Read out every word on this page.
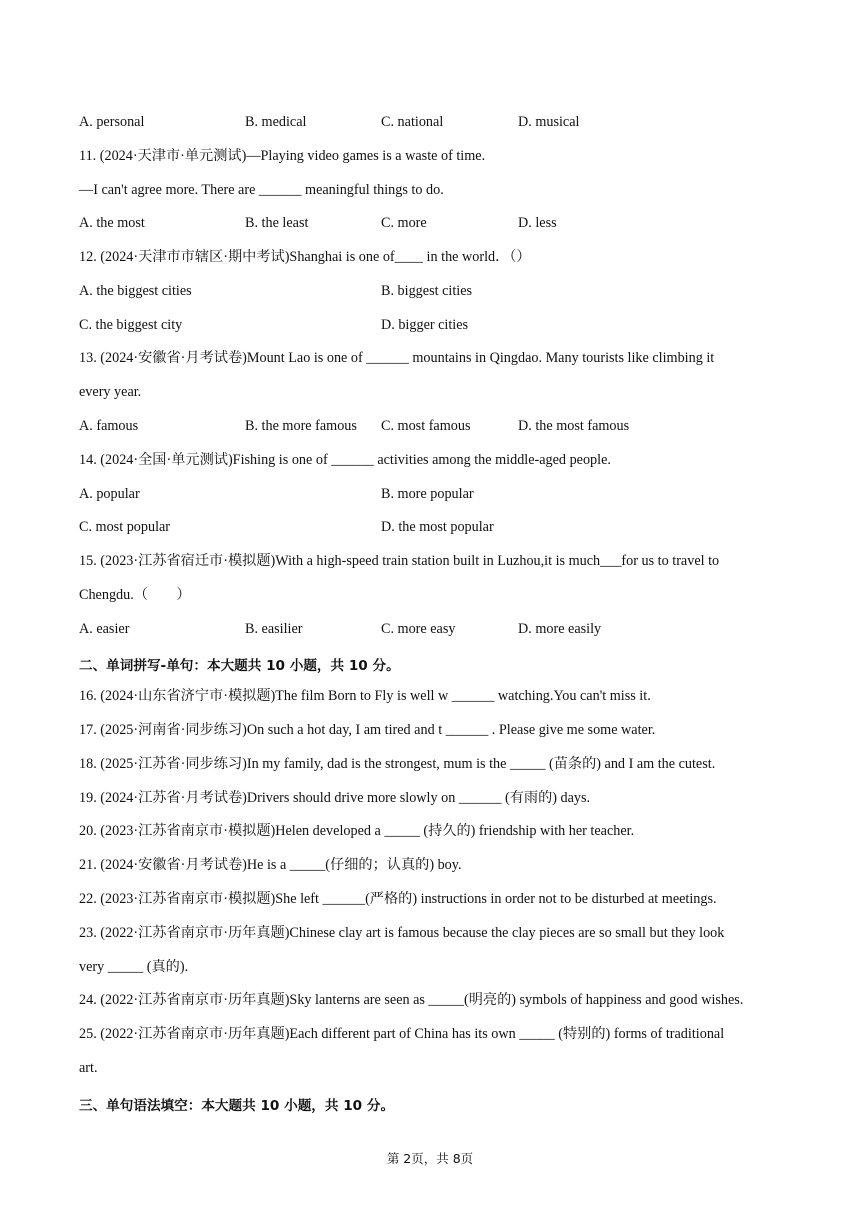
A. personal	B. medical	C. national	D. musical
11. (2024·天津市·单元测试)—Playing video games is a waste of time.
—I can't agree more. There are ______ meaningful things to do.
A. the most	B. the least	C. more	D. less
12. (2024·天津市市辖区·期中考试)Shanghai is one of____ in the world．（）
A. the biggest cities	B. biggest cities
C. the biggest city	D. bigger cities
13. (2024·安徽省·月考试卷)Mount Lao is one of ______ mountains in Qingdao. Many tourists like climbing it
every year.
A. famous	B. the more famous C. most famous	D. the most famous
14. (2024·全国·单元测试)Fishing is one of ______ activities among the middle-aged people.
A. popular	B. more popular
C. most popular	D. the most popular
15. (2023·江苏省宿迁市·模拟题)With a high-speed train station built in Luzhou,it is much___for us to travel to
Chengdu.（　　）
A. easier	B. easilier	C. more easy	D. more easily
二、单词拼写-单句：本大题共 10 小题，共 10 分。
16. (2024·山东省济宁市·模拟题)The film Born to Fly is well w ______ watching.You can't miss it.
17. (2025·河南省·同步练习)On such a hot day, I am tired and t ______ . Please give me some water.
18. (2025·江苏省·同步练习)In my family, dad is the strongest, mum is the _____ (苗条的) and I am the cutest.
19. (2024·江苏省·月考试卷)Drivers should drive more slowly on ______ (有雨的) days.
20. (2023·江苏省南京市·模拟题)Helen developed a _____ (持久的) friendship with her teacher.
21. (2024·安徽省·月考试卷)He is a _____(仔细的；认真的) boy.
22. (2023·江苏省南京市·模拟题)She left ______(严格的) instructions in order not to be disturbed at meetings.
23. (2022·江苏省南京市·历年真题)Chinese clay art is famous because the clay pieces are so small but they look
very _____ (真的).
24. (2022·江苏省南京市·历年真题)Sky lanterns are seen as _____(明亮的) symbols of happiness and good wishes.
25. (2022·江苏省南京市·历年真题)Each different part of China has its own _____ (特别的) forms of traditional
art.
三、单句语法填空：本大题共 10 小题，共 10 分。
第 2页，共 8页
